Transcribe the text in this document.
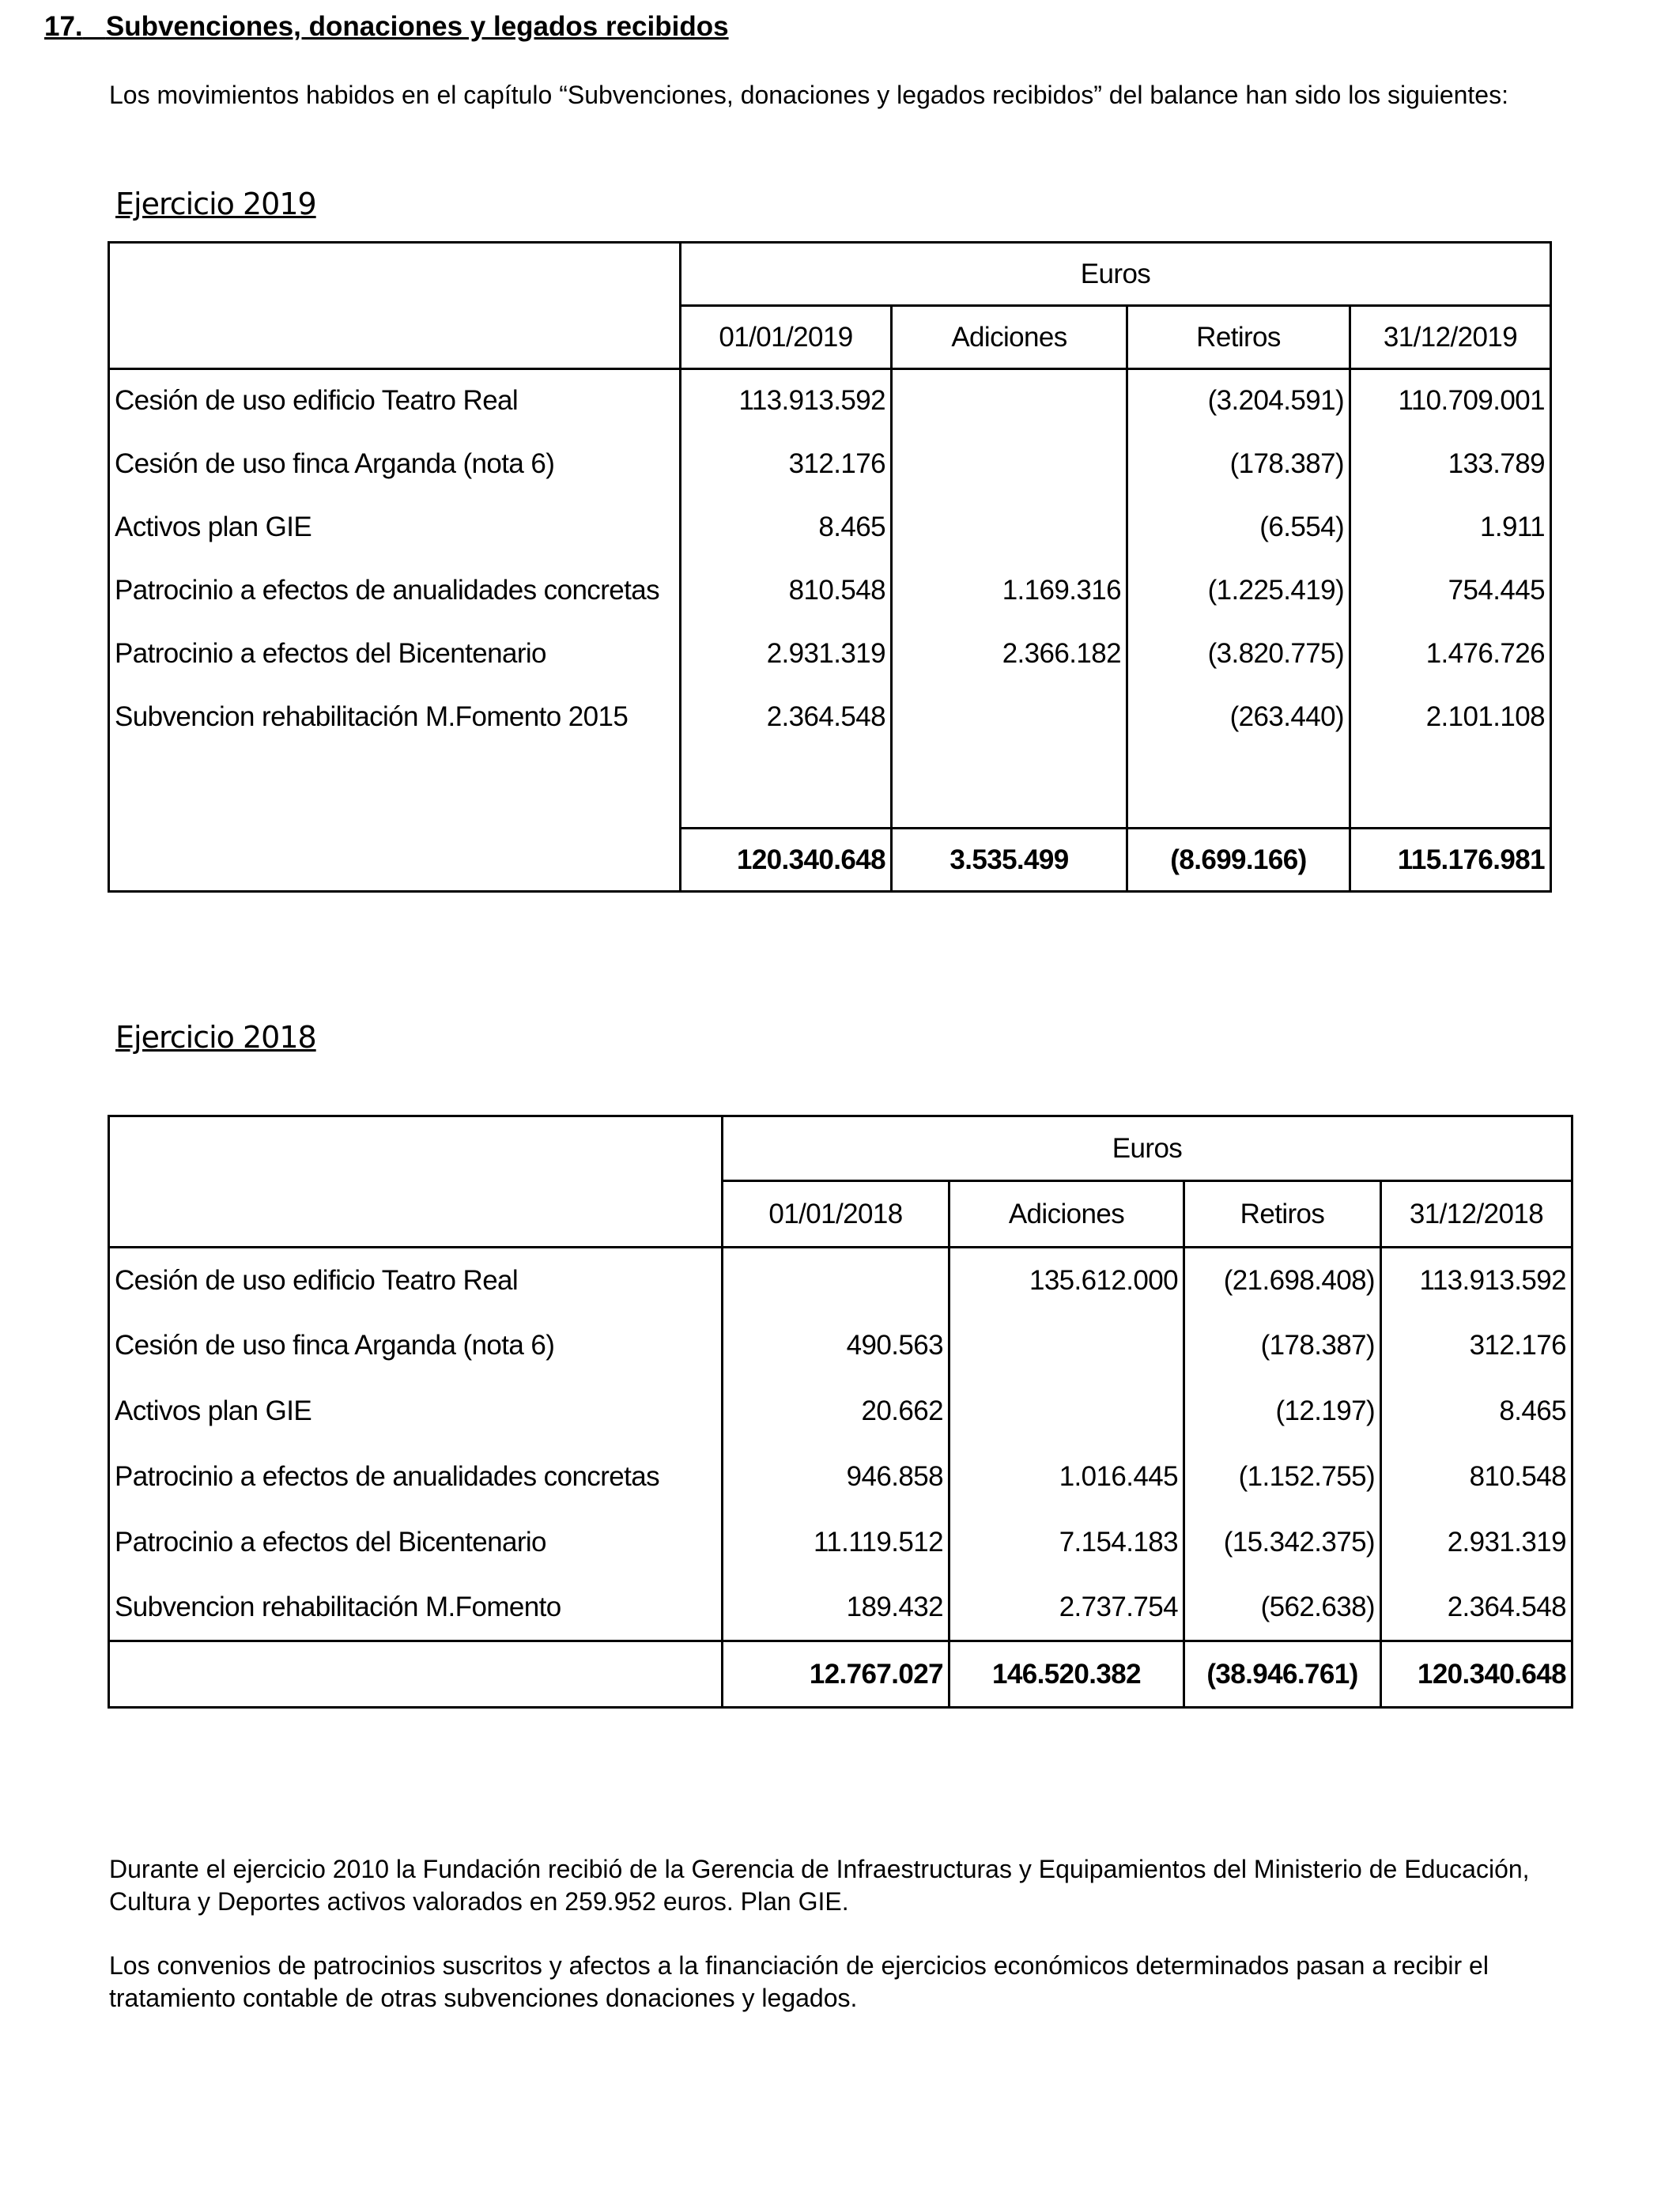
17. Subvenciones, donaciones y legados recibidos
Los movimientos habidos en el capítulo “Subvenciones, donaciones y legados recibidos” del balance han sido los siguientes:
Ejercicio 2019
	Euros			
	01/01/2019	Adiciones	Retiros	31/12/2019
Cesión de uso edificio Teatro Real	113.913.592		(3.204.591)	110.709.001
Cesión de uso finca Arganda (nota 6)	312.176		(178.387)	133.789
Activos plan GIE	8.465		(6.554)	1.911
Patrocinio a efectos de anualidades concretas	810.548	1.169.316	(1.225.419)	754.445
Patrocinio a efectos del Bicentenario	2.931.319	2.366.182	(3.820.775)	1.476.726
Subvencion rehabilitación M.Fomento 2015	2.364.548		(263.440)	2.101.108

	120.340.648	3.535.499	(8.699.166)	115.176.981
Ejercicio 2018
	Euros			
	01/01/2018	Adiciones	Retiros	31/12/2018
Cesión de uso edificio Teatro Real		135.612.000	(21.698.408)	113.913.592
Cesión de uso finca Arganda (nota 6)	490.563		(178.387)	312.176
Activos plan GIE	20.662		(12.197)	8.465
Patrocinio a efectos de anualidades concretas	946.858	1.016.445	(1.152.755)	810.548
Patrocinio a efectos del Bicentenario	11.119.512	7.154.183	(15.342.375)	2.931.319
Subvencion rehabilitación M.Fomento	189.432	2.737.754	(562.638)	2.364.548
	12.767.027	146.520.382	(38.946.761)	120.340.648
Durante el ejercicio 2010 la Fundación recibió de la Gerencia de Infraestructuras y Equipamientos del Ministerio de Educación, Cultura y Deportes activos valorados en 259.952 euros. Plan GIE.
Los convenios de patrocinios suscritos y afectos a la financiación de ejercicios económicos determinados pasan a recibir el tratamiento contable de otras subvenciones donaciones y legados.
